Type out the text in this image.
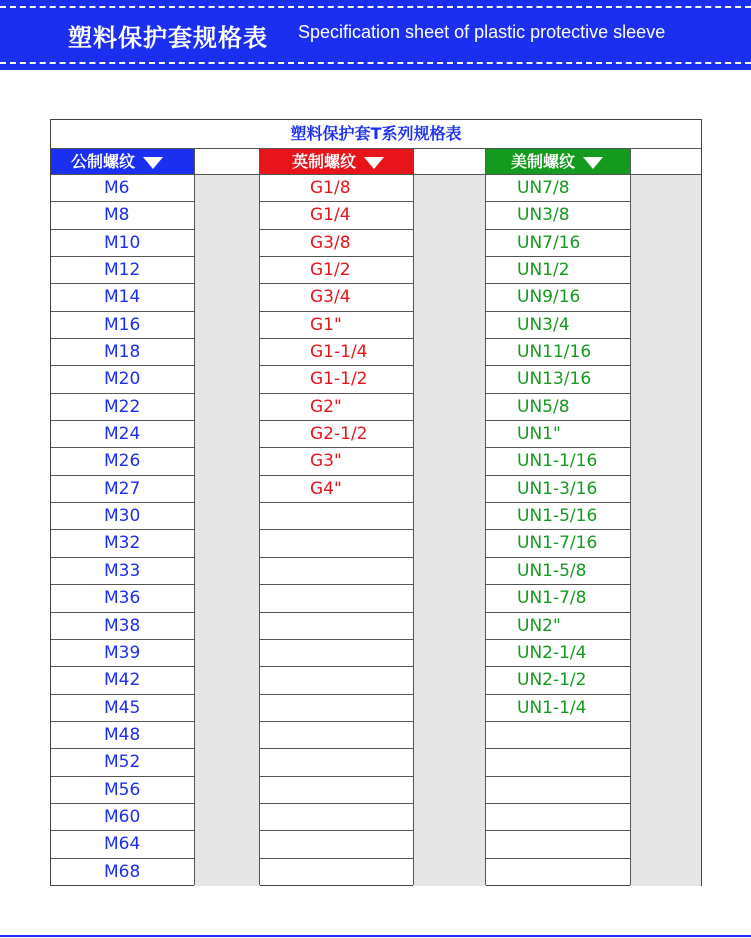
塑料保护套规格表 Specification sheet of plastic protective sleeve
塑料保护套T系列规格表
公制螺纹	英制螺纹	美制螺纹
M6
M8
M10
M12
M14
M16
M18
M20
M22
M24
M26
M27
M30
M32
M33
M36
M38
M39
M42
M45
M48
M52
M56
M60
M64
M68
G1/8
G1/4
G3/8
G1/2
G3/4
G1"
G1-1/4
G1-1/2
G2"
G2-1/2
G3"
G4"
UN7/8
UN3/8
UN7/16
UN1/2
UN9/16
UN3/4
UN11/16
UN13/16
UN5/8
UN1"
UN1-1/16
UN1-3/16
UN1-5/16
UN1-7/16
UN1-5/8
UN1-7/8
UN2"
UN2-1/4
UN2-1/2
UN1-1/4
